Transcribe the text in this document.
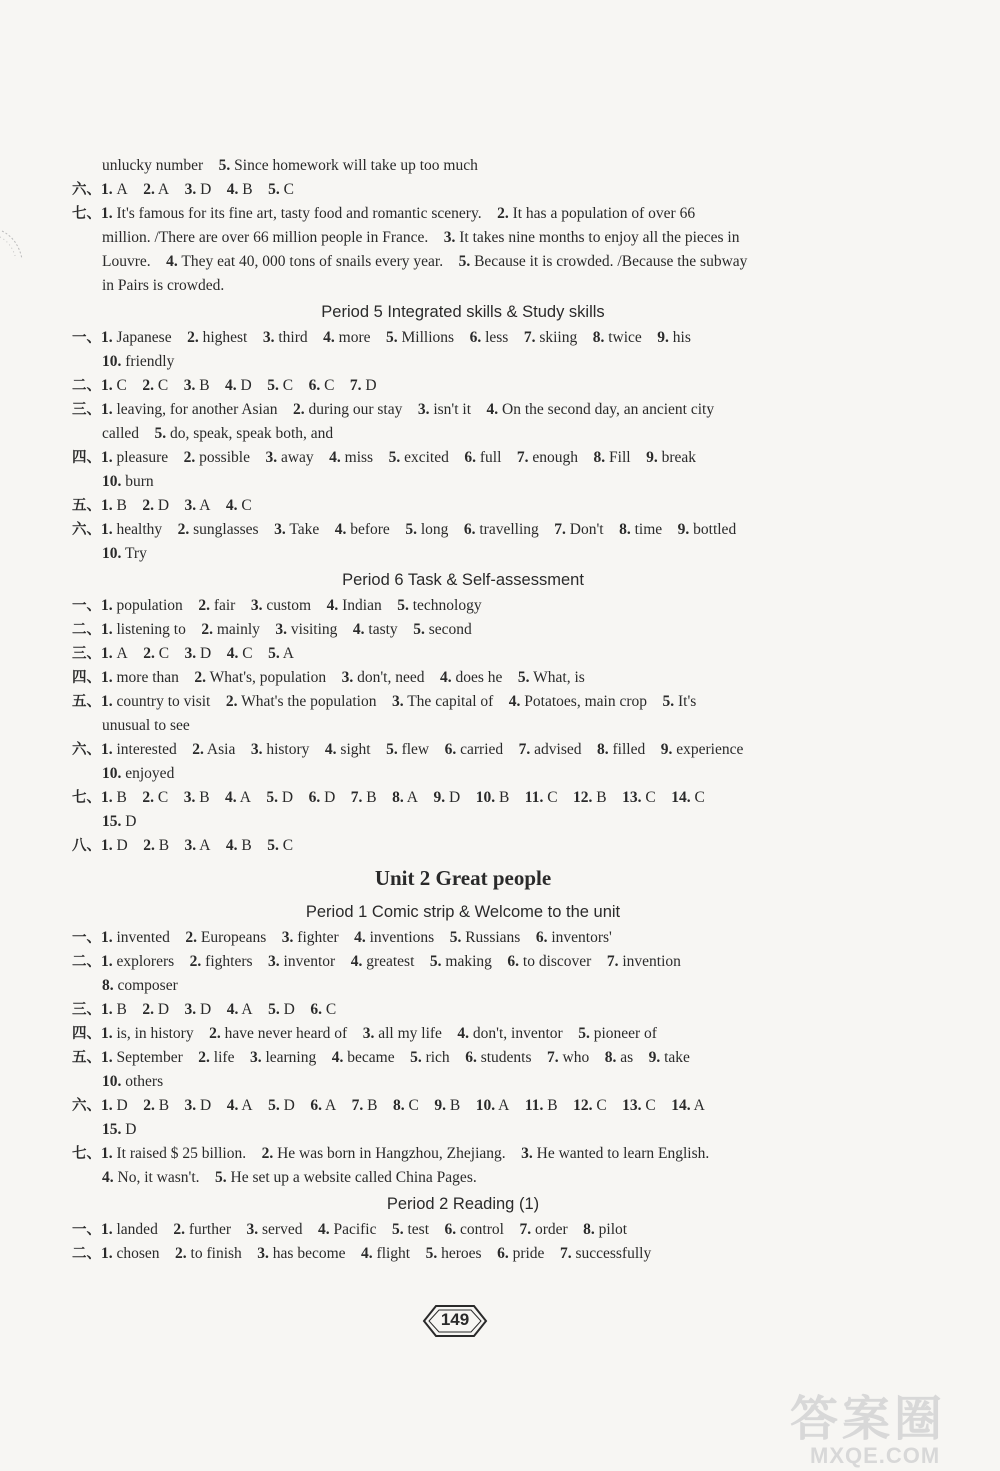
unlucky number  5. Since homework will take up too much
六、1. A  2. A  3. D  4. B  5. C
七、1. It's famous for its fine art, tasty food and romantic scenery.  2. It has a population of over 66
million. /There are over 66 million people in France.  3. It takes nine months to enjoy all the pieces in
Louvre.  4. They eat 40, 000 tons of snails every year.  5. Because it is crowded. /Because the subway
in Pairs is crowded.
Period 5 Integrated skills & Study skills
一、1. Japanese  2. highest  3. third  4. more  5. Millions  6. less  7. skiing  8. twice  9. his
10. friendly
二、1. C  2. C  3. B  4. D  5. C  6. C  7. D
三、1. leaving, for another Asian  2. during our stay  3. isn't it  4. On the second day, an ancient city
called  5. do, speak, speak both, and
四、1. pleasure  2. possible  3. away  4. miss  5. excited  6. full  7. enough  8. Fill  9. break
10. burn
五、1. B  2. D  3. A  4. C
六、1. healthy  2. sunglasses  3. Take  4. before  5. long  6. travelling  7. Don't  8. time  9. bottled
10. Try
Period 6 Task & Self-assessment
一、1. population  2. fair  3. custom  4. Indian  5. technology
二、1. listening to  2. mainly  3. visiting  4. tasty  5. second
三、1. A  2. C  3. D  4. C  5. A
四、1. more than  2. What's, population  3. don't, need  4. does he  5. What, is
五、1. country to visit  2. What's the population  3. The capital of  4. Potatoes, main crop  5. It's
unusual to see
六、1. interested  2. Asia  3. history  4. sight  5. flew  6. carried  7. advised  8. filled  9. experience
10. enjoyed
七、1. B  2. C  3. B  4. A  5. D  6. D  7. B  8. A  9. D  10. B  11. C  12. B  13. C  14. C
15. D
八、1. D  2. B  3. A  4. B  5. C
Unit 2 Great people
Period 1 Comic strip & Welcome to the unit
一、1. invented  2. Europeans  3. fighter  4. inventions  5. Russians  6. inventors'
二、1. explorers  2. fighters  3. inventor  4. greatest  5. making  6. to discover  7. invention
8. composer
三、1. B  2. D  3. D  4. A  5. D  6. C
四、1. is, in history  2. have never heard of  3. all my life  4. don't, inventor  5. pioneer of
五、1. September  2. life  3. learning  4. became  5. rich  6. students  7. who  8. as  9. take
10. others
六、1. D  2. B  3. D  4. A  5. D  6. A  7. B  8. C  9. B  10. A  11. B  12. C  13. C  14. A
15. D
七、1. It raised $ 25 billion.  2. He was born in Hangzhou, Zhejiang.  3. He wanted to learn English.
4. No, it wasn't.  5. He set up a website called China Pages.
Period 2 Reading (1)
一、1. landed  2. further  3. served  4. Pacific  5. test  6. control  7. order  8. pilot
二、1. chosen  2. to finish  3. has become  4. flight  5. heroes  6. pride  7. successfully
149
答案圈
MXQE.COM
